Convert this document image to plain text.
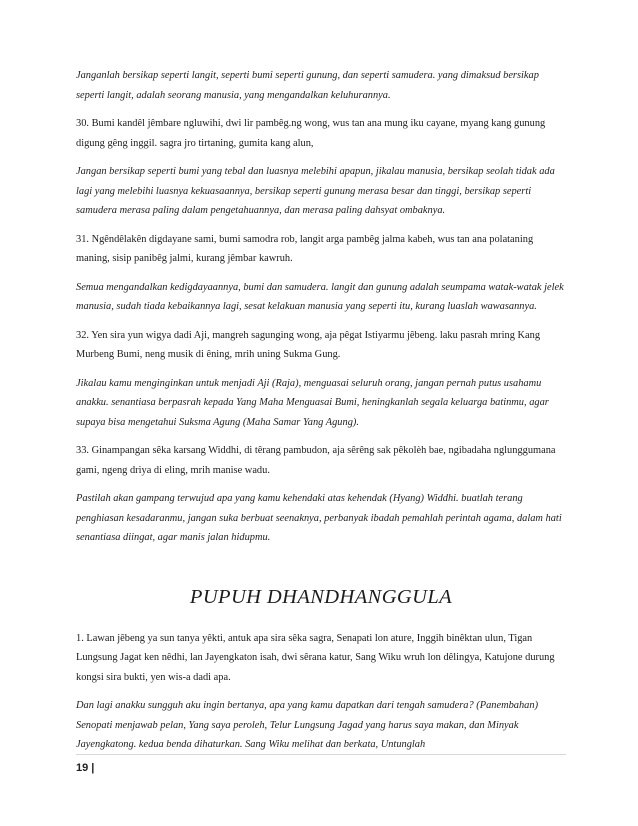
Janganlah bersikap seperti langit, seperti bumi seperti gunung, dan seperti samudera. yang dimaksud bersikap seperti langit, adalah seorang manusia, yang mengandalkan keluhurannya.

30. Bumi kandêl jêmbare ngluwihi, dwi lir pambêg.ng wong, wus tan ana mung iku cayane, myang kang gunung digung gêng inggil. sagra jro tirtaning, gumita kang alun,

Jangan bersikap seperti bumi yang tebal dan luasnya melebihi apapun, jikalau manusia, bersikap seolah tidak ada lagi yang melebihi luasnya kekuasaannya, bersikap seperti gunung merasa besar dan tinggi, bersikap seperti samudera merasa paling dalam pengetahuannya, dan merasa paling dahsyat ombaknya.

31. Ngêndêlakên digdayane sami, bumi samodra rob, langit arga pambêg jalma kabeh, wus tan ana polataning maning, sisip panibêg jalmi, kurang jêmbar kawruh.

Semua mengandalkan kedigdayaannya, bumi dan samudera. langit dan gunung adalah seumpama watak-watak jelek manusia, sudah tiada kebaikannya lagi, sesat kelakuan manusia yang seperti itu, kurang luaslah wawasannya.

32. Yen sira yun wigya dadi Aji, mangreh sagunging wong, aja pêgat Istiyarmu jêbeng. laku pasrah mring Kang Murbeng Bumi, neng musik di êning, mrih uning Sukma Gung.

Jikalau kamu menginginkan untuk menjadi Aji (Raja), menguasai seluruh orang, jangan pernah putus usahamu anakku. senantiasa berpasrah kepada Yang Maha Menguasai Bumi, heningkanlah segala keluarga batinmu, agar supaya bisa mengetahui Suksma Agung (Maha Samar Yang Agung).

33. Ginampangan sêka karsang Widdhi, di têrang pambudon, aja sêrêng sak pêkolèh bae, ngibadaha nglunggumana gami, ngeng driya di eling, mrih manise wadu.

Pastilah akan gampang terwujud apa yang kamu kehendaki atas kehendak (Hyang) Widdhi. buatlah terang penghiasan kesadaranmu, jangan suka berbuat seenaknya, perbanyak ibadah pemahlah perintah agama, dalam hati senantiasa diingat, agar manis jalan hidupmu.

PUPUH DHANDHANGGULA

1. Lawan jêbeng ya sun tanya yêkti, antuk apa sira sêka sagra, Senapati lon ature, Inggih binêktan ulun, Tigan Lungsung Jagat ken nêdhi, lan Jayengkaton isah, dwi sêrana katur, Sang Wiku wruh lon dêlingya, Katujone durung kongsi sira bukti, yen wis-a dadi apa.

Dan lagi anakku sungguh aku ingin bertanya, apa yang kamu dapatkan dari tengah samudera? (Panembahan) Senopati menjawab pelan, Yang saya peroleh, Telur Lungsung Jagad yang harus saya makan, dan Minyak Jayengkatong. kedua benda dihaturkan. Sang Wiku melihat dan berkata, Untunglah

19 |
